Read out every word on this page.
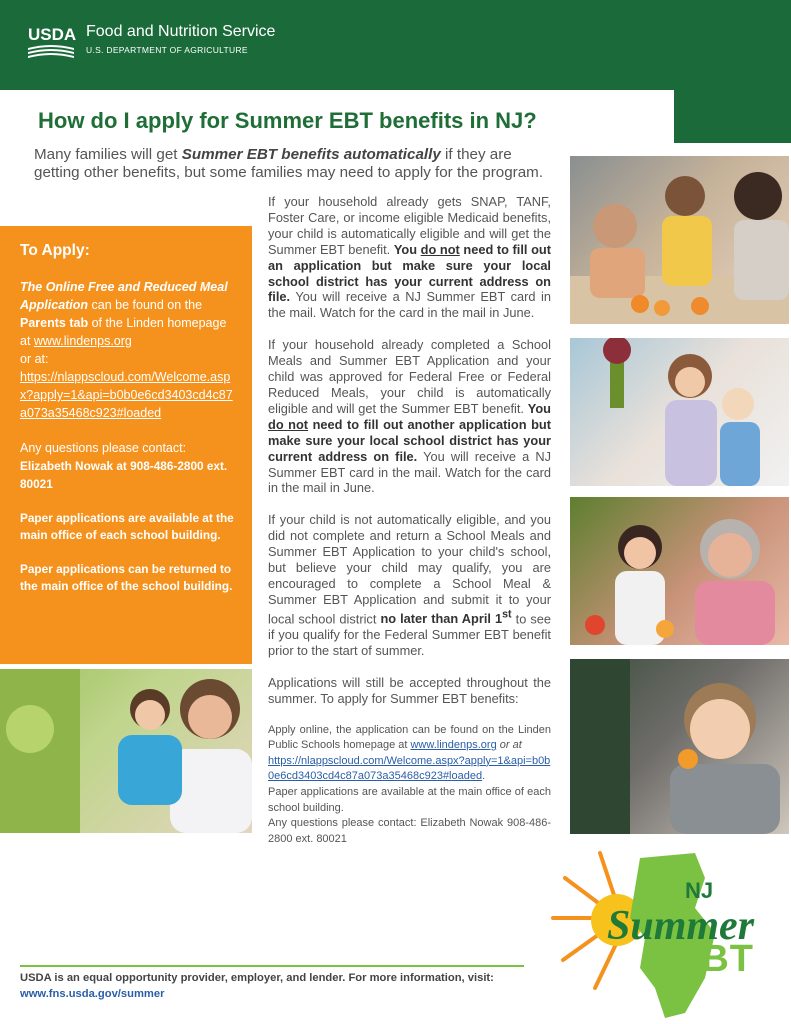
USDA Food and Nutrition Service
U.S. DEPARTMENT OF AGRICULTURE
How do I apply for Summer EBT benefits in NJ?

Many families will get Summer EBT benefits automatically if they are getting other benefits, but some families may need to apply for the program.

To Apply:
The Online Free and Reduced Meal Application can be found on the Parents tab of the Linden homepage at www.lindenps.org
or at:
https://nlappscloud.com/Welcome.aspx?apply=1&api=b0b0e6cd3403cd4c87a073a35468c923#loaded
Any questions please contact:
Elizabeth Nowak at 908-486-2800 ext. 80021
Paper applications are available at the main office of each school building.
Paper applications can be returned to the main office of the school building.

If your household already gets SNAP, TANF, Foster Care, or income eligible Medicaid benefits, your child is automatically eligible and will get the Summer EBT benefit. You do not need to fill out an application but make sure your local school district has your current address on file. You will receive a NJ Summer EBT card in the mail. Watch for the card in the mail in June.

If your household already completed a School Meals and Summer EBT Application and your child was approved for Federal Free or Federal Reduced Meals, your child is automatically eligible and will get the Summer EBT benefit. You do not need to fill out another application but make sure your local school district has your current address on file. You will receive a NJ Summer EBT card in the mail. Watch for the card in the mail in June.

If your child is not automatically eligible, and you did not complete and return a School Meals and Summer EBT Application to your child's school, but believe your child may qualify, you are encouraged to complete a School Meal & Summer EBT Application and submit it to your local school district no later than April 1st to see if you qualify for the Federal Summer EBT benefit prior to the start of summer.

Applications will still be accepted throughout the summer. To apply for Summer EBT benefits:

Apply online, the application can be found on the Linden Public Schools homepage at www.lindenps.org or at
https://nlappscloud.com/Welcome.aspx?apply=1&api=b0b0e6cd3403cd4c87a073a35468c923#loaded.

Paper applications are available at the main office of each school building.

Any questions please contact: Elizabeth Nowak 908-486-2800 ext. 80021

NJ
Summer
EBT
USDA is an equal opportunity provider, employer, and lender. For more information, visit: www.fns.usda.gov/summer
